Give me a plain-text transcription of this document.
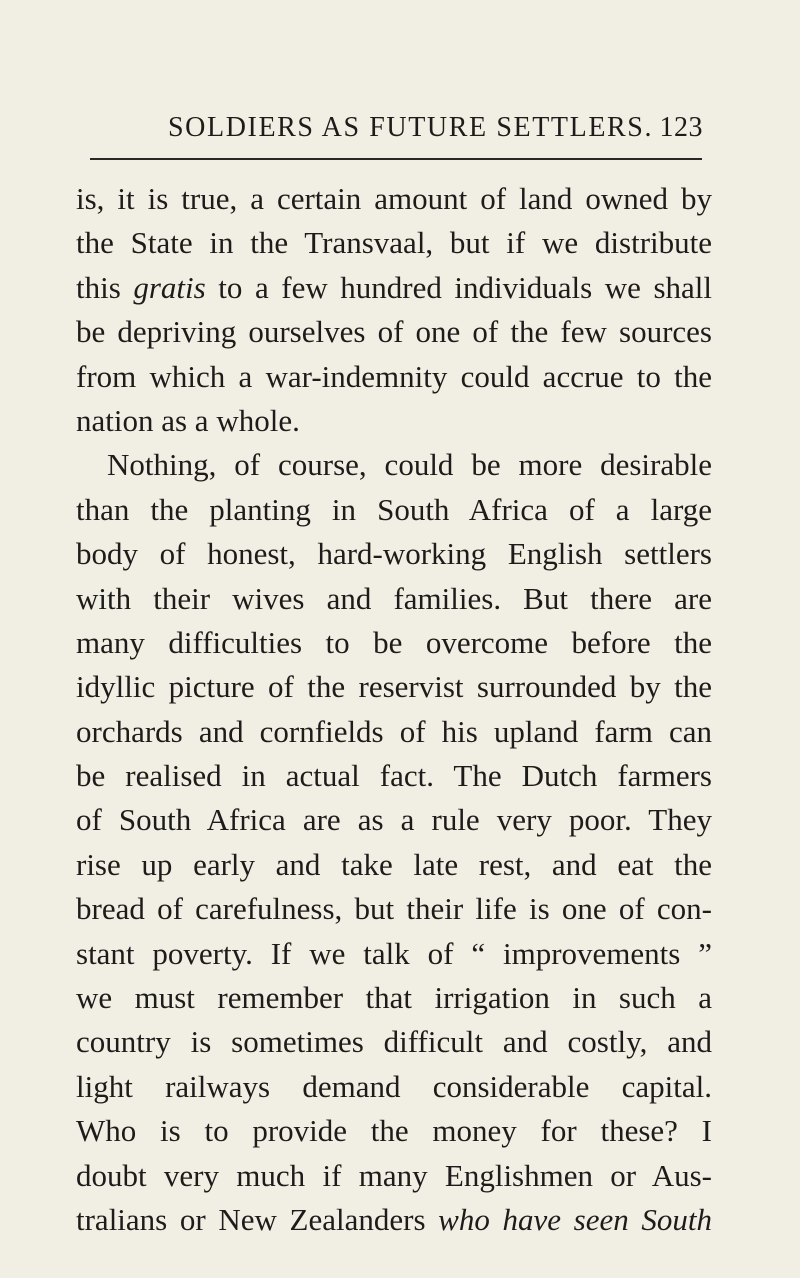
SOLDIERS AS FUTURE SETTLERS. 123
is, it is true, a certain amount of land owned by
the State in the Transvaal, but if we distribute
this gratis to a few hundred individuals we shall
be depriving ourselves of one of the few sources
from which a war-indemnity could accrue to the
nation as a whole.
Nothing, of course, could be more desirable
than the planting in South Africa of a large
body of honest, hard-working English settlers
with their wives and families. But there are
many difficulties to be overcome before the
idyllic picture of the reservist surrounded by the
orchards and cornfields of his upland farm can
be realised in actual fact. The Dutch farmers
of South Africa are as a rule very poor. They
rise up early and take late rest, and eat the
bread of carefulness, but their life is one of con-
stant poverty. If we talk of “ improvements ”
we must remember that irrigation in such a
country is sometimes difficult and costly, and
light railways demand considerable capital.
Who is to provide the money for these? I
doubt very much if many Englishmen or Aus-
tralians or New Zealanders who have seen South
